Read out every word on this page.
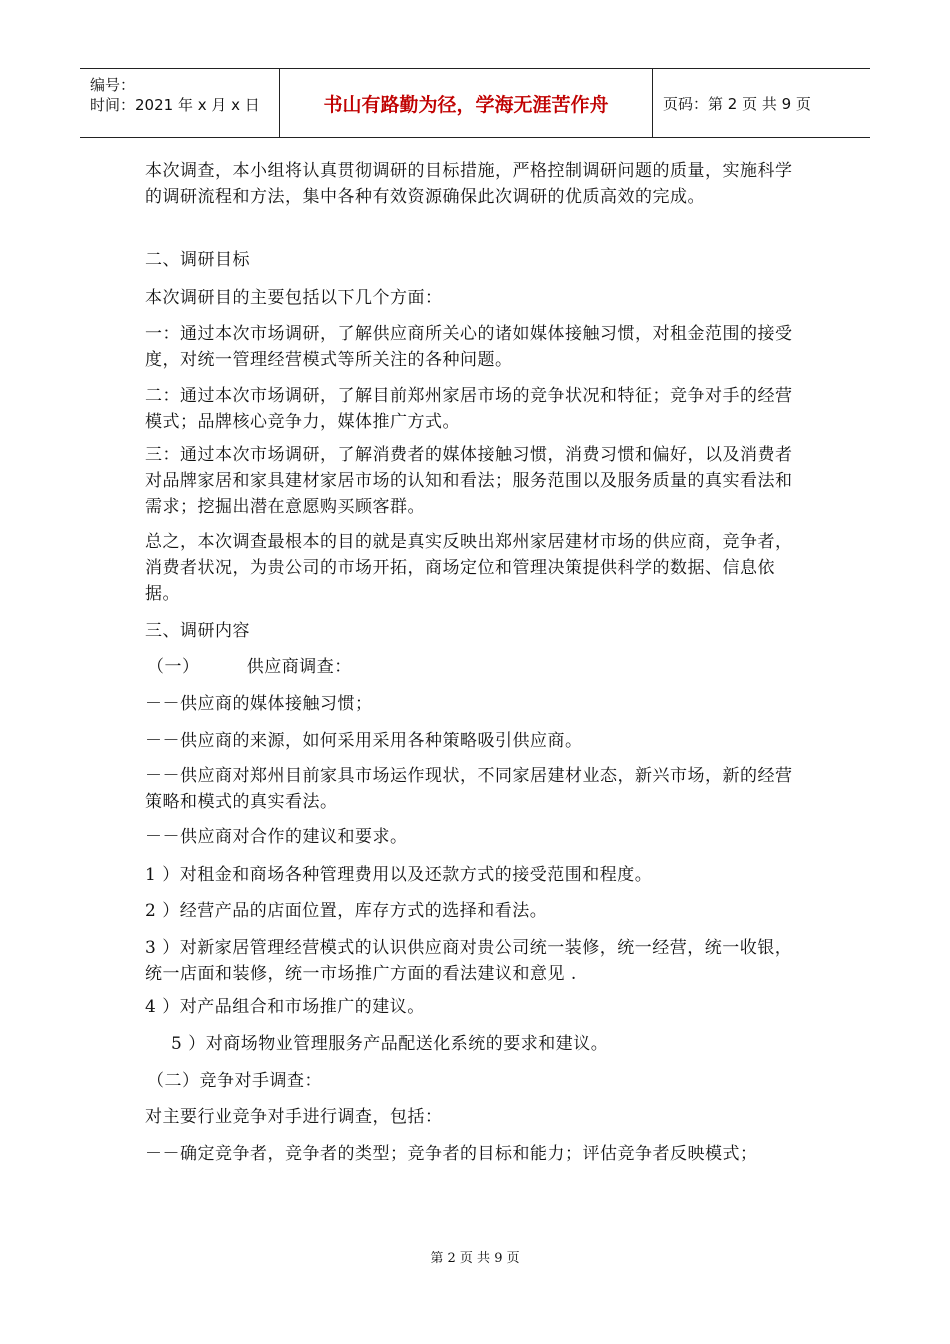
编号：
时间：2021 年 x 月 x 日	书山有路勤为径，学海无涯苦作舟	页码：第 2 页 共 9 页

本次调查，本小组将认真贯彻调研的目标措施，严格控制调研问题的质量，实施科学的调研流程和方法，集中各种有效资源确保此次调研的优质高效的完成。

二、调研目标

本次调研目的主要包括以下几个方面：

一：通过本次市场调研，了解供应商所关心的诸如媒体接触习惯，对租金范围的接受度，对统一管理经营模式等所关注的各种问题。

二：通过本次市场调研，了解目前郑州家居市场的竞争状况和特征；竞争对手的经营模式；品牌核心竞争力，媒体推广方式。

三：通过本次市场调研，了解消费者的媒体接触习惯，消费习惯和偏好，以及消费者对品牌家居和家具建材家居市场的认知和看法；服务范围以及服务质量的真实看法和需求；挖掘出潜在意愿购买顾客群。

总之，本次调查最根本的目的就是真实反映出郑州家居建材市场的供应商，竞争者，消费者状况，为贵公司的市场开拓，商场定位和管理决策提供科学的数据、信息依据。

三、调研内容

（一）        供应商调查：

－－供应商的媒体接触习惯；

－－供应商的来源，如何采用采用各种策略吸引供应商。

－－供应商对郑州目前家具市场运作现状，不同家居建材业态，新兴市场，新的经营策略和模式的真实看法。

－－供应商对合作的建议和要求。

1 ）对租金和商场各种管理费用以及还款方式的接受范围和程度。

2 ）经营产品的店面位置，库存方式的选择和看法。

3 ）对新家居管理经营模式的认识供应商对贵公司统一装修，统一经营，统一收银，统一店面和装修，统一市场推广方面的看法建议和意见 .

4 ）对产品组合和市场推广的建议。

5 ）对商场物业管理服务产品配送化系统的要求和建议。

（二）竞争对手调查：

对主要行业竞争对手进行调查，包括：

－－确定竞争者，竞争者的类型；竞争者的目标和能力；评估竞争者反映模式；

第 2 页 共 9 页
